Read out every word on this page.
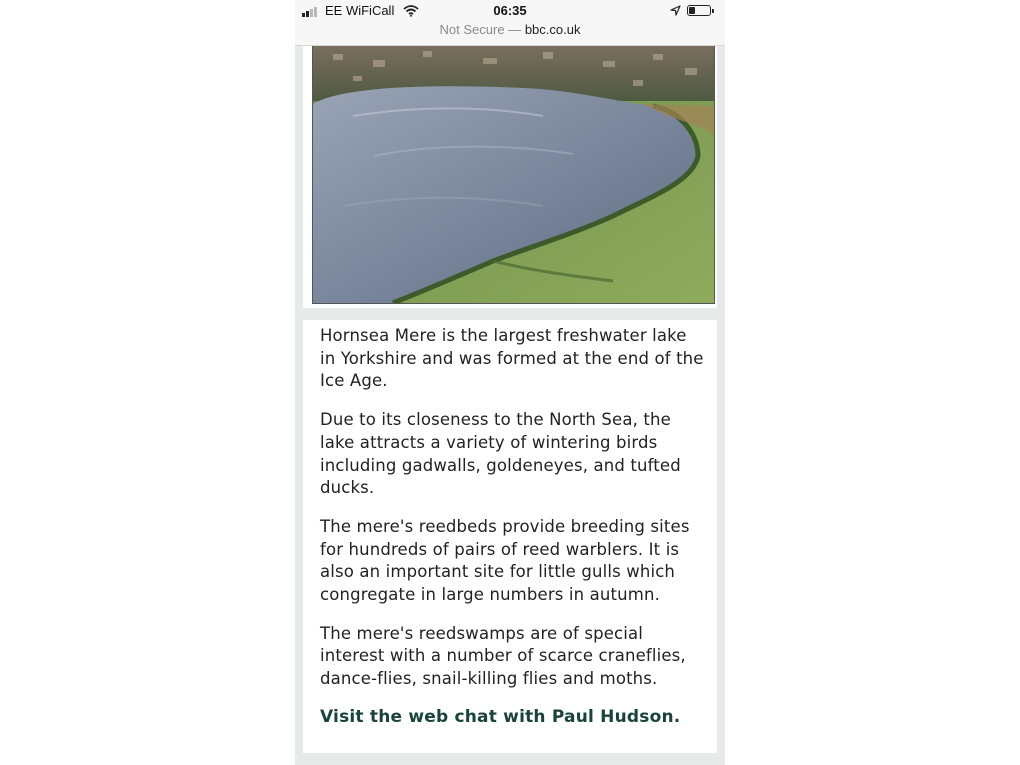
EE WiFiCall	06:35
Not Secure — bbc.co.uk

Hornsea Mere is the largest freshwater lake in Yorkshire and was formed at the end of the Ice Age.

Due to its closeness to the North Sea, the lake attracts a variety of wintering birds including gadwalls, goldeneyes, and tufted ducks.

The mere's reedbeds provide breeding sites for hundreds of pairs of reed warblers. It is also an important site for little gulls which congregate in large numbers in autumn.

The mere's reedswamps are of special interest with a number of scarce craneflies, dance-flies, snail-killing flies and moths.

Visit the web chat with Paul Hudson.
